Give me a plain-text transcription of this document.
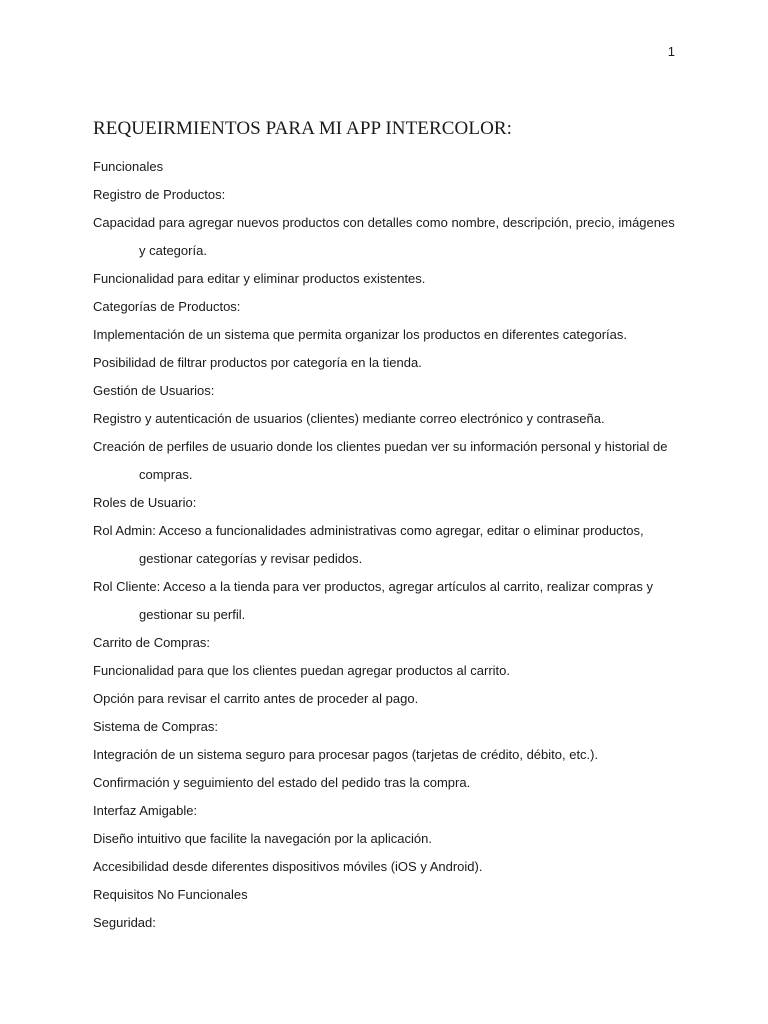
1
REQUEIRMIENTOS PARA MI APP INTERCOLOR:
Funcionales
Registro de Productos:
Capacidad para agregar nuevos productos con detalles como nombre, descripción, precio, imágenes
y categoría.
Funcionalidad para editar y eliminar productos existentes.
Categorías de Productos:
Implementación de un sistema que permita organizar los productos en diferentes categorías.
Posibilidad de filtrar productos por categoría en la tienda.
Gestión de Usuarios:
Registro y autenticación de usuarios (clientes) mediante correo electrónico y contraseña.
Creación de perfiles de usuario donde los clientes puedan ver su información personal y historial de
compras.
Roles de Usuario:
Rol Admin: Acceso a funcionalidades administrativas como agregar, editar o eliminar productos,
gestionar categorías y revisar pedidos.
Rol Cliente: Acceso a la tienda para ver productos, agregar artículos al carrito, realizar compras y
gestionar su perfil.
Carrito de Compras:
Funcionalidad para que los clientes puedan agregar productos al carrito.
Opción para revisar el carrito antes de proceder al pago.
Sistema de Compras:
Integración de un sistema seguro para procesar pagos (tarjetas de crédito, débito, etc.).
Confirmación y seguimiento del estado del pedido tras la compra.
Interfaz Amigable:
Diseño intuitivo que facilite la navegación por la aplicación.
Accesibilidad desde diferentes dispositivos móviles (iOS y Android).
Requisitos No Funcionales
Seguridad:
